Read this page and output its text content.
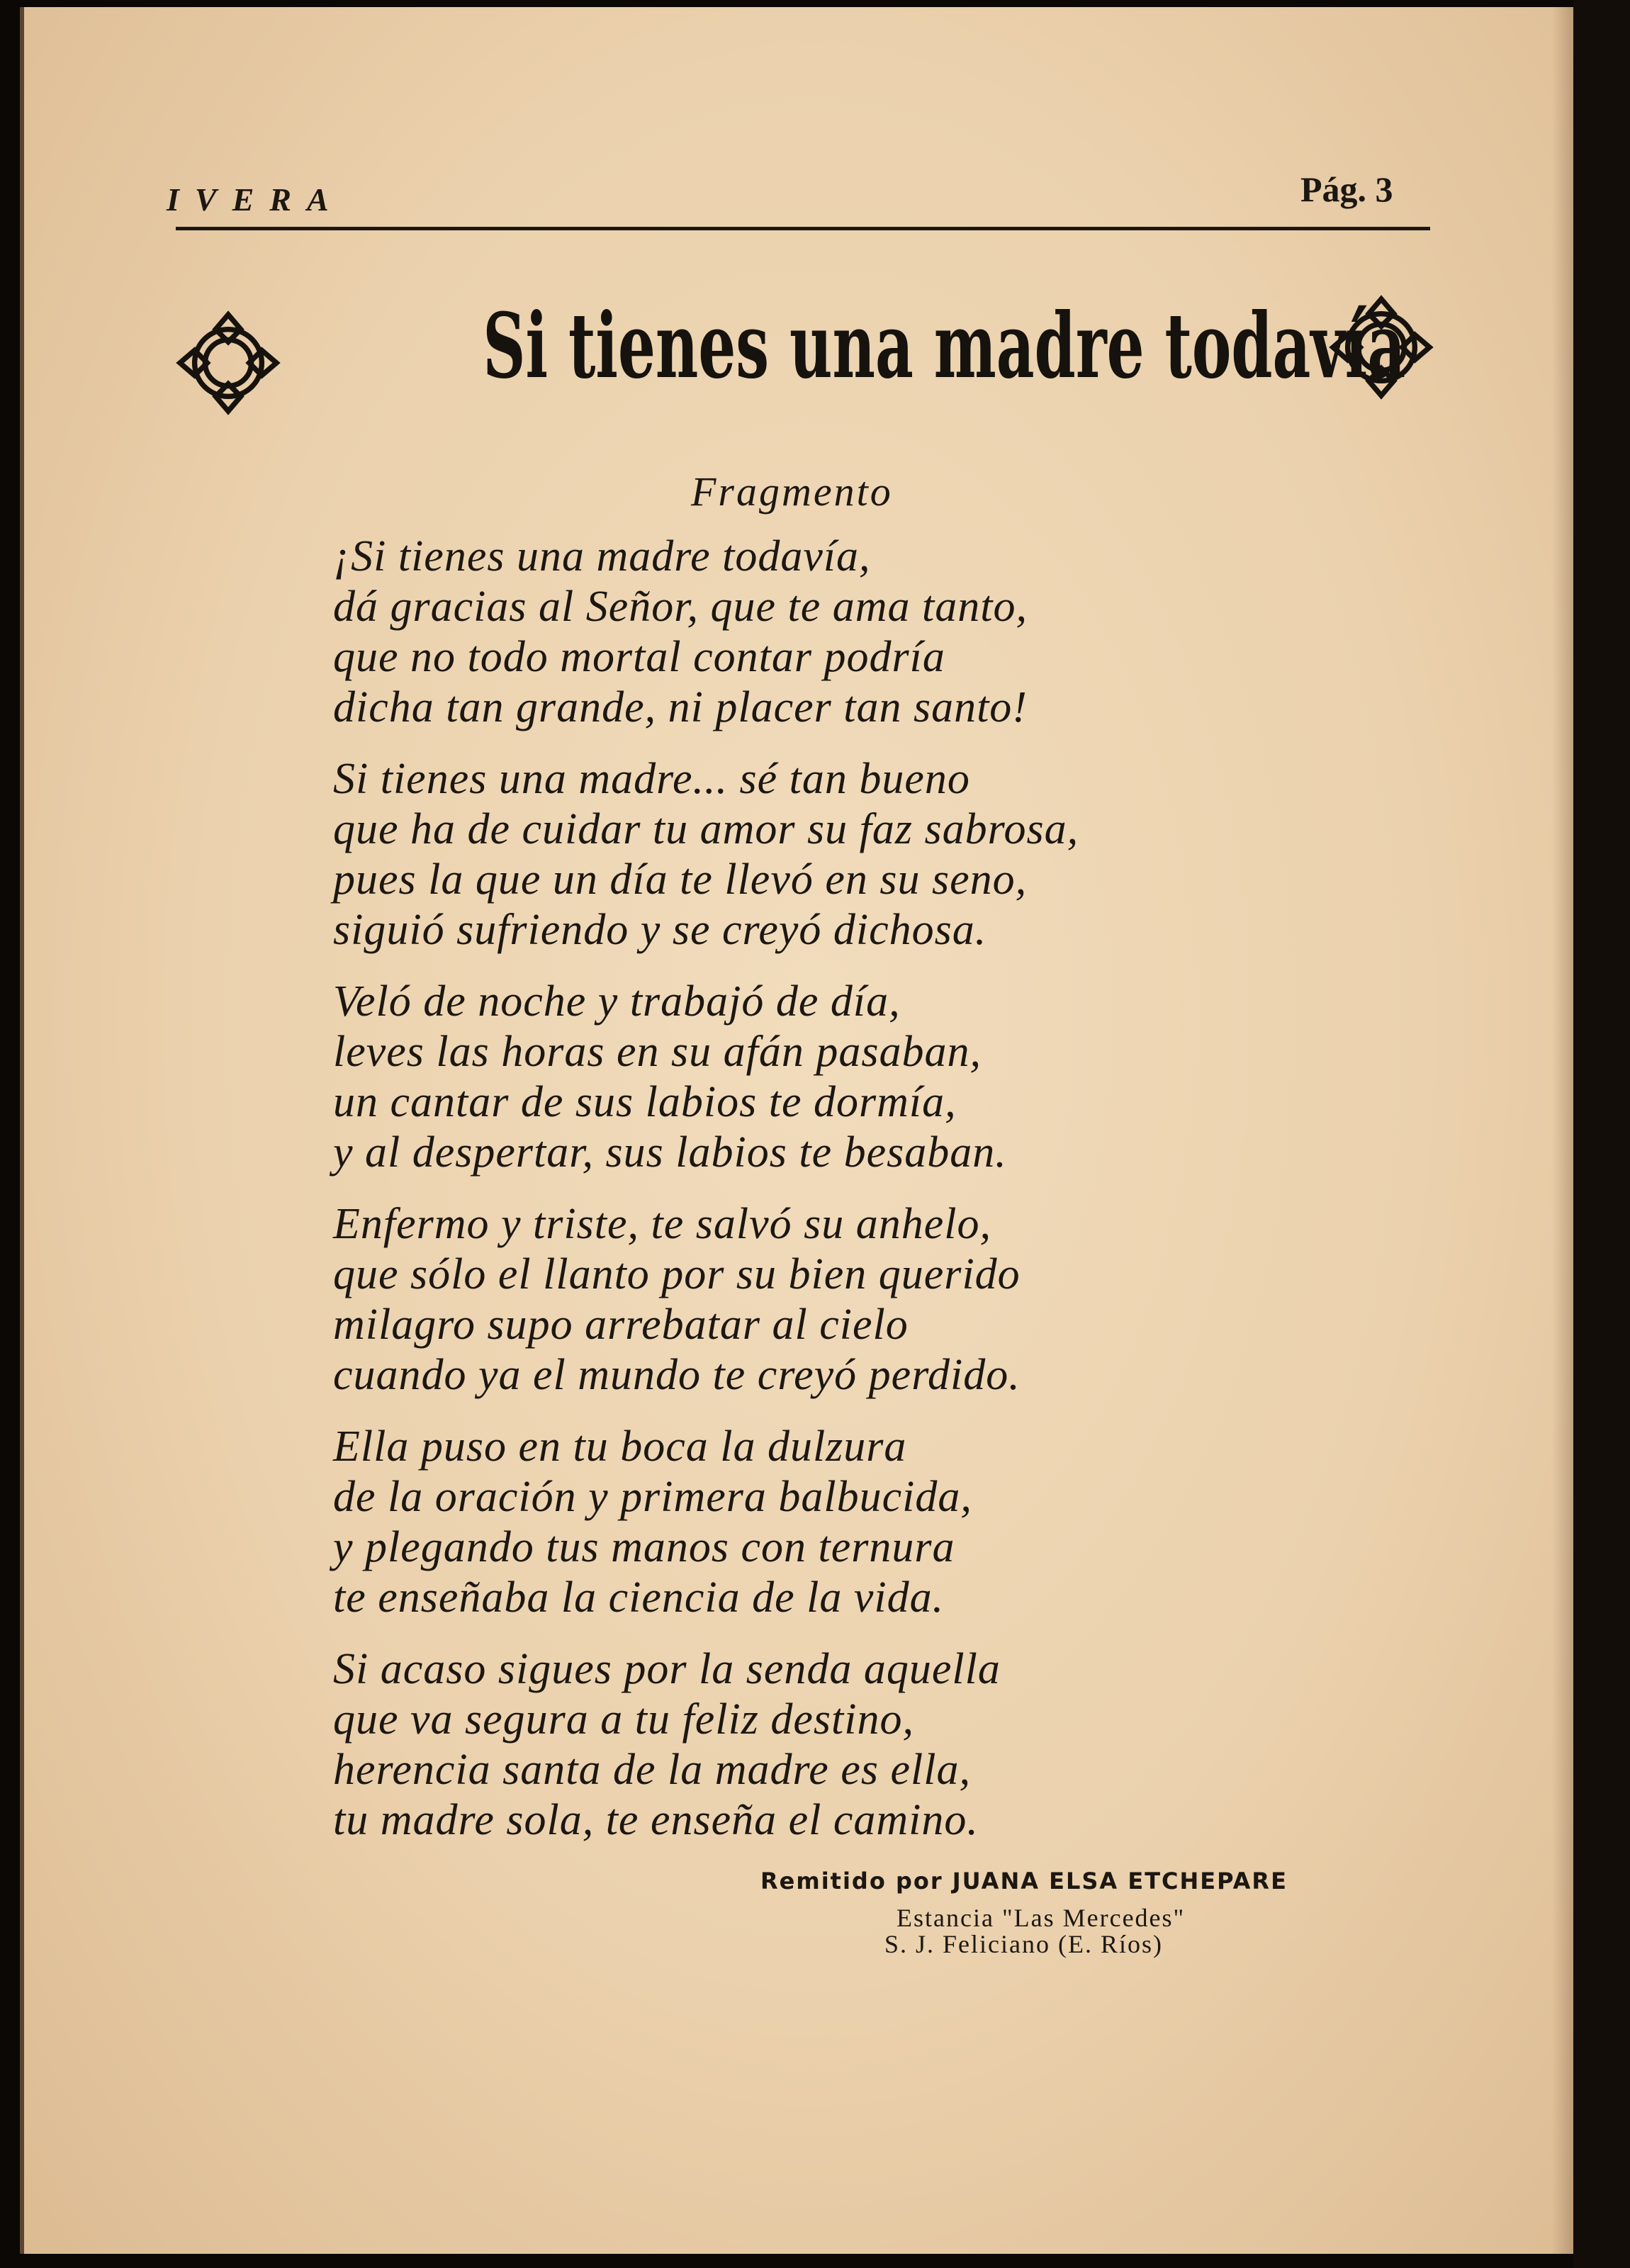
IVERA	Pág. 3
Si tienes una madre todavía
Fragmento
¡Si tienes una madre todavía,
dá gracias al Señor, que te ama tanto,
que no todo mortal contar podría
dicha tan grande, ni placer tan santo!
Si tienes una madre... sé tan bueno
que ha de cuidar tu amor su faz sabrosa,
pues la que un día te llevó en su seno,
siguió sufriendo y se creyó dichosa.
Veló de noche y trabajó de día,
leves las horas en su afán pasaban,
un cantar de sus labios te dormía,
y al despertar, sus labios te besaban.
Enfermo y triste, te salvó su anhelo,
que sólo el llanto por su bien querido
milagro supo arrebatar al cielo
cuando ya el mundo te creyó perdido.
Ella puso en tu boca la dulzura
de la oración y primera balbucida,
y plegando tus manos con ternura
te enseñaba la ciencia de la vida.
Si acaso sigues por la senda aquella
que va segura a tu feliz destino,
herencia santa de la madre es ella,
tu madre sola, te enseña el camino.
Remitido por JUANA ELSA ETCHEPARE
Estancia "Las Mercedes"
S. J. Feliciano (E. Ríos)
